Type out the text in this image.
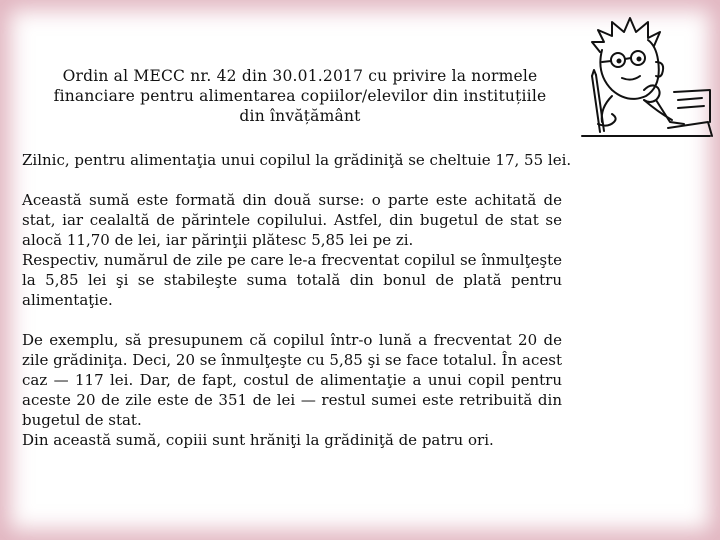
Ordin al MECC nr. 42 din 30.01.2017 cu privire la normele
financiare pentru alimentarea copiilor/elevilor din instituțiile
din învățământ

Zilnic, pentru alimentaţia unui copilul la grădiniţă se cheltuie 17, 55 lei.

Această sumă este formată din două surse: o parte este achitată de stat, iar cealaltă de părintele copilului. Astfel, din bugetul de stat se alocă 11,70 de lei, iar părinţii plătesc 5,85 lei pe zi.

Respectiv, numărul de zile pe care le-a frecventat copilul se înmulţeşte la 5,85 lei şi se stabileşte suma totală din bonul de plată pentru alimentaţie.

De exemplu, să presupunem că copilul într-o lună a frecventat 20 de zile grădiniţa. Deci, 20 se înmulţeşte cu 5,85 şi se face totalul. În acest caz — 117 lei. Dar, de fapt, costul de alimentaţie a unui copil pentru aceste 20 de zile este de 351 de lei — restul sumei este retribuită din bugetul de stat.

Din această sumă, copiii sunt hrăniţi la grădiniţă de patru ori.
